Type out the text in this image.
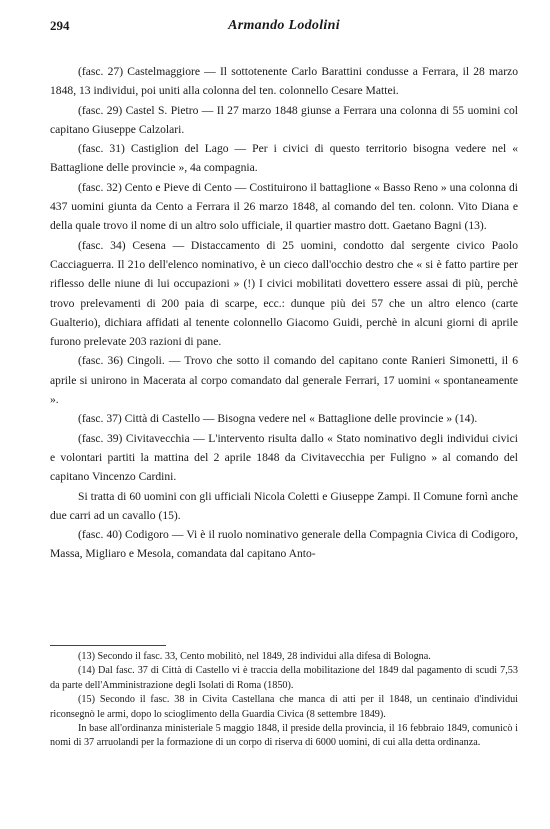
294	Armando Lodolini

(fasc. 27) Castelmaggiore — Il sottotenente Carlo Barattini condusse a Ferrara, il 28 marzo 1848, 13 individui, poi uniti alla colonna del ten. colonnello Cesare Mattei.

(fasc. 29) Castel S. Pietro — Il 27 marzo 1848 giunse a Ferrara una colonna di 55 uomini col capitano Giuseppe Calzolari.

(fasc. 31) Castiglion del Lago — Per i civici di questo territorio bisogna vedere nel « Battaglione delle provincie », 4a compagnia.

(fasc. 32) Cento e Pieve di Cento — Costituirono il battaglione « Basso Reno » una colonna di 437 uomini giunta da Cento a Ferrara il 26 marzo 1848, al comando del ten. colonn. Vito Diana e della quale trovo il nome di un altro solo ufficiale, il quartier mastro dott. Gaetano Bagni (13).

(fasc. 34) Cesena — Distaccamento di 25 uomini, condotto dal sergente civico Paolo Cacciaguerra. Il 21o dell'elenco nominativo, è un cieco dall'occhio destro che « si è fatto partire per riflesso delle niune di lui occupazioni » (!) I civici mobilitati dovettero essere assai di più, perchè trovo prelevamenti di 200 paia di scarpe, ecc.: dunque più dei 57 che un altro elenco (carte Gualterio), dichiara affidati al tenente colonnello Giacomo Guidi, perchè in alcuni giorni di aprile furono prelevate 203 razioni di pane.

(fasc. 36) Cingoli. — Trovo che sotto il comando del capitano conte Ranieri Simonetti, il 6 aprile si unirono in Macerata al corpo comandato dal generale Ferrari, 17 uomini « spontaneamente ».

(fasc. 37) Città di Castello — Bisogna vedere nel « Battaglione delle provincie » (14).

(fasc. 39) Civitavecchia — L'intervento risulta dallo « Stato nominativo degli individui civici e volontari partiti la mattina del 2 aprile 1848 da Civitavecchia per Fuligno » al comando del capitano Vincenzo Cardini.

Si tratta di 60 uomini con gli ufficiali Nicola Coletti e Giuseppe Zampi. Il Comune fornì anche due carri ad un cavallo (15).

(fasc. 40) Codigoro — Vi è il ruolo nominativo generale della Compagnia Civica di Codigoro, Massa, Migliaro e Mesola, comandata dal capitano Anto-

(13) Secondo il fasc. 33, Cento mobilitò, nel 1849, 28 individui alla difesa di Bologna.

(14) Dal fasc. 37 di Città di Castello vi è traccia della mobilitazione del 1849 dal pagamento di scudi 7,53 da parte dell'Amministrazione degli Isolati di Roma (1850).

(15) Secondo il fasc. 38 in Civita Castellana che manca di atti per il 1848, un centinaio d'individui riconsegnò le armi, dopo lo scioglimento della Guardia Civica (8 settembre 1849).

In base all'ordinanza ministeriale 5 maggio 1848, il preside della provincia, il 16 febbraio 1849, comunicò i nomi di 37 arruolandi per la formazione di un corpo di riserva di 6000 uomini, di cui alla detta ordinanza.
